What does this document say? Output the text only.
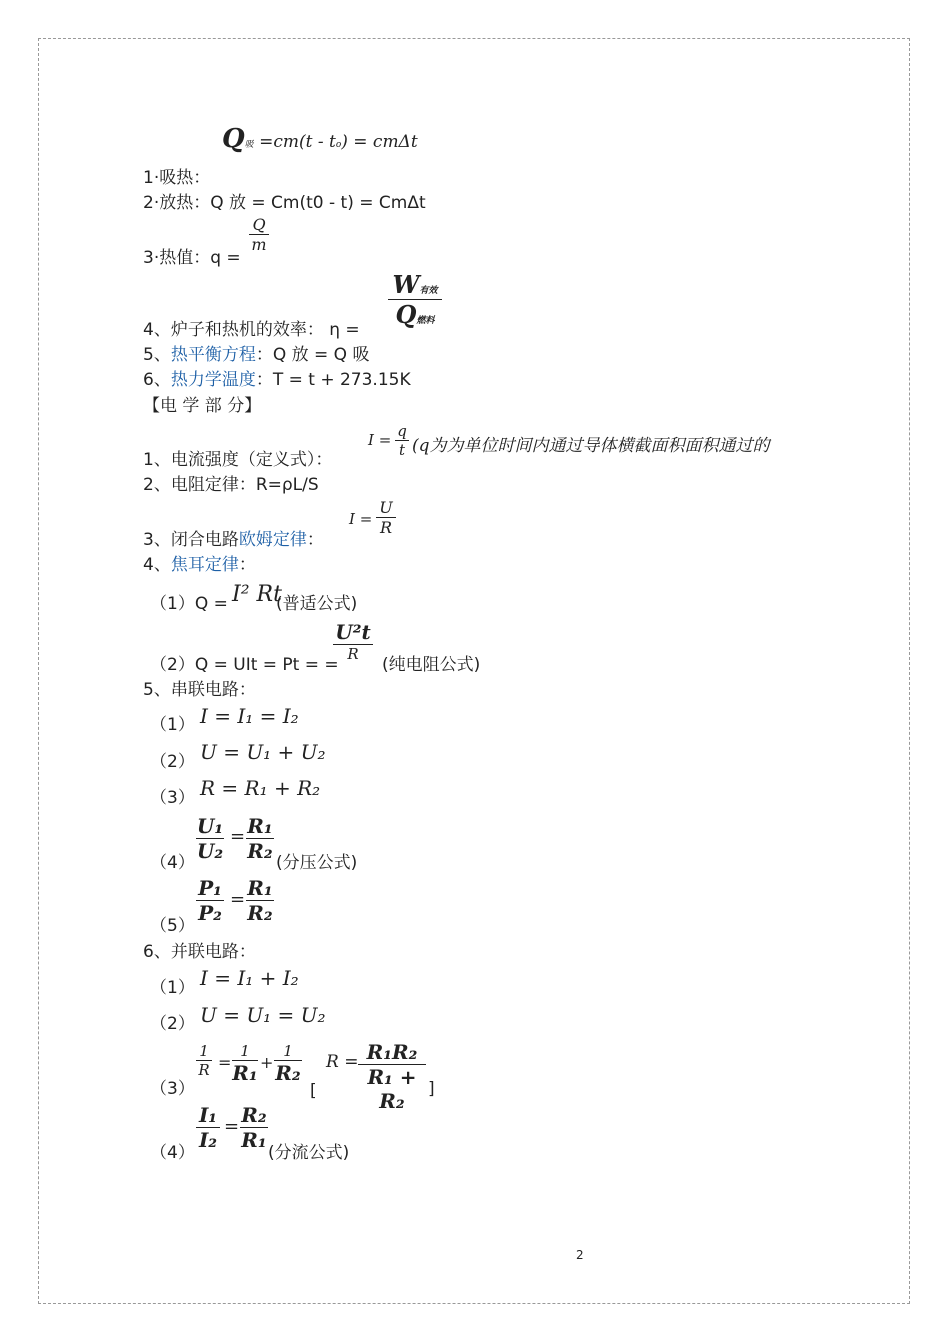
Q吸 =cm(t - to) = cmΔt
1·吸热：
2·放热：Q 放 = Cm(t0 - t) = CmΔt
3·热值：q =
$\frac{Q}{m}$
4、炉子和热机的效率： η =
W有效
Q燃料
5、热平衡方程：Q 放 = Q 吸
6、热力学温度：T = t + 273.15K
【电 学 部 分】
1、电流强度（定义式）：
$I = \frac{q}{t} (q$为为单位时间内通过导体横截面积面积通过的
2、电阻定律：R=ρL/S
3、闭合电路欧姆定律：
$I = \frac{U}{R}$
4、焦耳定律：
（1）Q = I² Rt
(普适公式)
（2）Q = UIt = Pt = =
U²t
R
(纯电阻公式)
5、串联电路：
（1） I = I₁ = I₂
（2） U = U₁ + U₂
（3） R = R₁ + R₂
$(4) \frac{\text{U₁}}{\text{U₂}} = \frac{\text{R₁}}{\text{R₂}}$ (分压公式)
（5）
$\frac{\text{P₁}}{\text{P₂}} = \frac{\text{R₁}}{\text{R₂}}$
6、并联电路：
（1） I = I₁ + I₂
（2） U = U₁ = U₂
（3）
$\frac{1}{R}$ =
1
R₁ +
1
R₂
[
$R = \frac{\text{R₁R₂}}{\text{R₁ + R₂}}$ ]
（4）
$\frac{\text{I₁}}{\text{I₂}} = \frac{\text{R₂}}{\text{R₁}}$
(分流公式)
2
